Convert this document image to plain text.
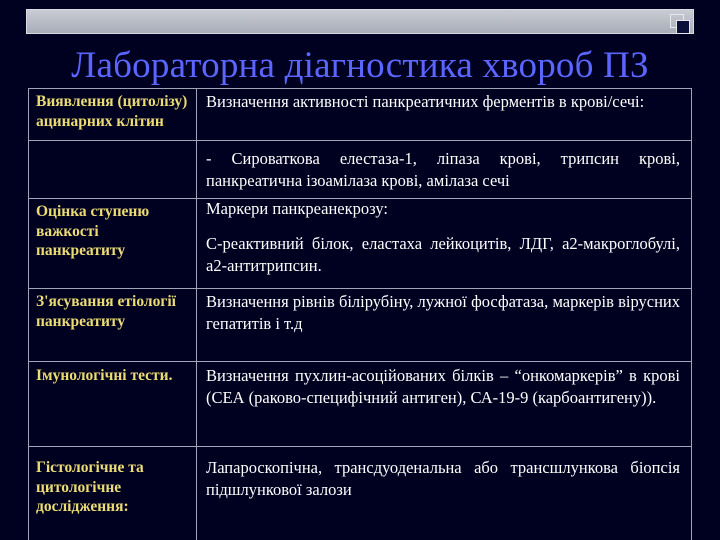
Лабораторна діагностика хвороб ПЗ
Виявлення (цитолізу) ацинарних клітин
Визначення активності панкреатичних ферментів в крові/сечі:
- Сироваткова елестаза-1, ліпаза крові, трипсин крові, панкреатична ізоамілаза крові, амілаза сечі
Оцінка ступеню важкості панкреатиту
Маркери панкреанекрозу:
С-реактивний білок, еластаха лейкоцитів, ЛДГ, а2-макроглобулі, а2-антитрипсин.
З'ясування етіології панкреатиту
Визначення рівнів білірубіну, лужної фосфатаза, маркерів вірусних гепатитів і т.д
Імунологічні тести.	Визначення пухлин-асоційованих білків – “онкомаркерів” в крові (СЕА (раково-специфічний антиген), СА-19-9 (карбоантигену)).
Гістологічне та цитологічне дослідження:
Лапароскопічна, трансдуоденальна або транcшлункова біопсія підшлункової залози
